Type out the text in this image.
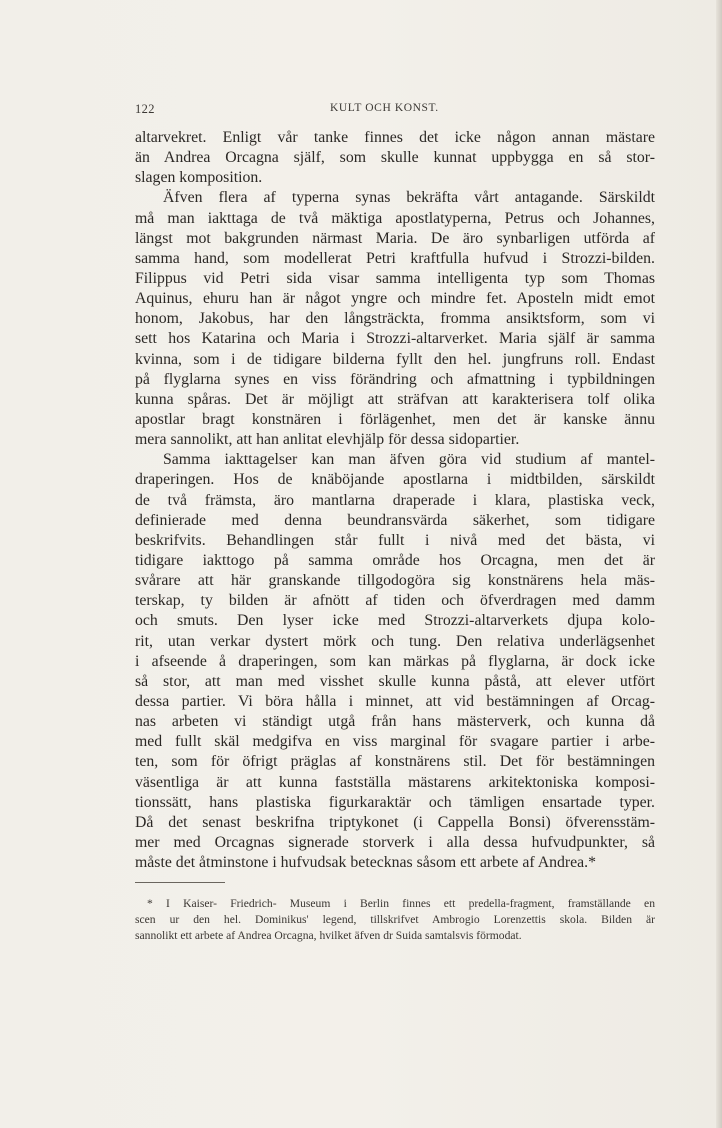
122	KULT OCH KONST.
altarvekret. Enligt vår tanke finnes det icke någon annan mästare
än Andrea Orcagna själf, som skulle kunnat uppbygga en så stor-
slagen komposition.
Äfven flera af typerna synas bekräfta vårt antagande. Särskildt
må man iakttaga de två mäktiga apostlatyperna, Petrus och Johannes,
längst mot bakgrunden närmast Maria. De äro synbarligen utförda af
samma hand, som modellerat Petri kraftfulla hufvud i Strozzi-bilden.
Filippus vid Petri sida visar samma intelligenta typ som Thomas
Aquinus, ehuru han är något yngre och mindre fet. Aposteln midt emot
honom, Jakobus, har den långsträckta, fromma ansiktsform, som vi
sett hos Katarina och Maria i Strozzi-altarverket. Maria själf är samma
kvinna, som i de tidigare bilderna fyllt den hel. jungfruns roll. Endast
på flyglarna synes en viss förändring och afmattning i typbildningen
kunna spåras. Det är möjligt att sträfvan att karakterisera tolf olika
apostlar bragt konstnären i förlägenhet, men det är kanske ännu
mera sannolikt, att han anlitat elevhjälp för dessa sidopartier.
Samma iakttagelser kan man äfven göra vid studium af mantel-
draperingen. Hos de knäböjande apostlarna i midtbilden, särskildt
de två främsta, äro mantlarna draperade i klara, plastiska veck,
definierade med denna beundransvärda säkerhet, som tidigare
beskrifvits. Behandlingen står fullt i nivå med det bästa, vi
tidigare iakttogo på samma område hos Orcagna, men det är
svårare att här granskande tillgodogöra sig konstnärens hela mäs-
terskap, ty bilden är afnött af tiden och öfverdragen med damm
och smuts. Den lyser icke med Strozzi-altarverkets djupa kolo-
rit, utan verkar dystert mörk och tung. Den relativa underlägsenhet
i afseende å draperingen, som kan märkas på flyglarna, är dock icke
så stor, att man med visshet skulle kunna påstå, att elever utfört
dessa partier. Vi böra hålla i minnet, att vid bestämningen af Orcag-
nas arbeten vi ständigt utgå från hans mästerverk, och kunna då
med fullt skäl medgifva en viss marginal för svagare partier i arbe-
ten, som för öfrigt präglas af konstnärens stil. Det för bestämningen
väsentliga är att kunna fastställa mästarens arkitektoniska komposi-
tionssätt, hans plastiska figurkaraktär och tämligen ensartade typer.
Då det senast beskrifna triptykonet (i Cappella Bonsi) öfverensstäm-
mer med Orcagnas signerade storverk i alla dessa hufvudpunkter, så
måste det åtminstone i hufvudsak betecknas såsom ett arbete af Andrea.*
* I Kaiser- Friedrich- Museum i Berlin finnes ett predella-fragment, framställande en
scen ur den hel. Dominikus' legend, tillskrifvet Ambrogio Lorenzettis skola. Bilden är
sannolikt ett arbete af Andrea Orcagna, hvilket äfven dr Suida samtalsvis förmodat.
